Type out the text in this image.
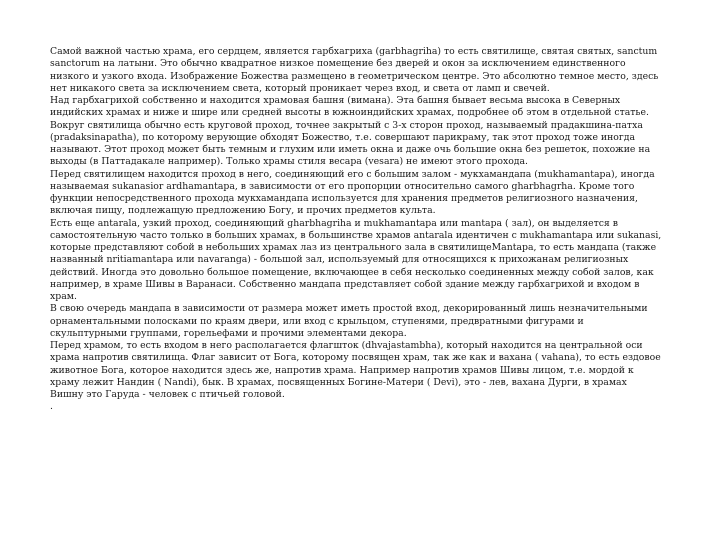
Самой важной частью храма, его сердцем, является гарбхагриха (garbhagriha) то есть святилище, святая святых, sanctum sanctorum на латыни. Это обычно квадратное низкое помещение без дверей и окон за исключением единственного низкого и узкого входа. Изображение Божества размещено в геометрическом центре. Это абсолютно темное место, здесь нет никакого света за исключением света, который проникает через вход, и света от ламп и свечей.

Над гарбхагрихой собственно и находится храмовая башня (вимана). Эта башня бывает весьма высока в Северных индийских храмах и ниже и шире или средней высоты в южноиндийских храмах, подробнее об этом в отдельной статье.

Вокруг святилища обычно есть круговой проход, точнее закрытый с 3-х сторон проход, называемый прадакшина-патха (pradaksinapatha), по которому верующие обходят Божество, т.е. совершают парикраму, так этот проход тоже иногда называют. Этот проход может быть темным и глухим или иметь окна и даже очь большие окна без решеток, похожие на выходы (в Паттадакале например). Только храмы стиля весара (vesara) не имеют этого прохода.

Перед святилищем находится проход в него, соединяющий его с большим залом - мукхамандапа (mukhamantapa), иногда называемая sukanasior ardhamantapa, в зависимости от его пропорции относительно самого gharbhagrha. Кроме того функции непосредственного прохода мукхамандапа используется для хранения предметов религиозного назначения, включая пищу, подлежащую предложению Богу, и прочих предметов культа.

Есть еще antarala, узкий проход, соединяющий gharbhagriha и mukhamantapa или mantapa ( зал), он выделяется в самостоятельную часто только в больших храмах, в большинстве храмов antarala идентичен с mukhamantapa или sukanasi, которые представляют собой в небольших храмах лаз из центрального зала в святилищеMantapa, то есть мандапа (также названный nritiamantapa или navaranga) - большой зал, используемый для относящихся к прихожанам религиозных действий. Иногда это довольно большое помещение, включающее в себя несколько соединенных между собой залов, как например, в храме Шивы в Варанаси. Собственно мандапа представляет собой здание между гарбхагрихой и входом в храм.

В свою очередь мандапа в зависимости от размера может иметь простой вход, декорированный лишь незначительными орнаментальными полосками по краям двери, или вход с крыльцом, ступенями, предвратными фигурами и скульптурными группами, горельефами и прочими элементами декора.

Перед храмом, то есть входом в него располагается флагшток (dhvajastambha), который находится на центральной оси храма напротив святилища. Флаг зависит от Бога, которому посвящен храм, так же как и вахана ( vahana), то есть ездовое животное Бога, которое находится здесь же, напротив храма. Например напротив храмов Шивы лицом, т.е. мордой к храму лежит Нандин ( Nandi), бык. В храмах, посвященных Богине-Матери ( Devi), это - лев, вахана Дурги, в храмах Вишну это Гаруда - человек с птичьей головой.

.
